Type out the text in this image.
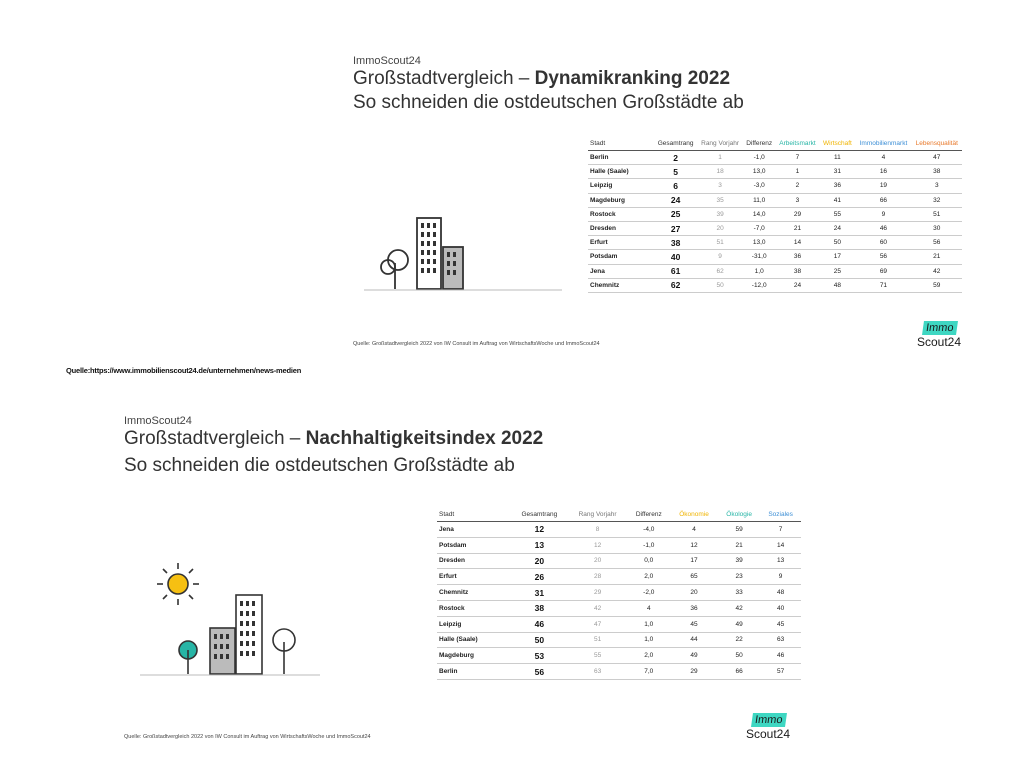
ImmoScout24
Großstadtvergleich – Dynamikranking 2022
So schneiden die ostdeutschen Großstädte ab
Stadt	Gesamtrang	Rang Vorjahr	Differenz	Arbeitsmarkt	Wirtschaft	Immobilienmarkt	Lebensqualität
Berlin	2	1	-1,0	7	11	4	47
Halle (Saale)	5	18	13,0	1	31	16	38
Leipzig	6	3	-3,0	2	36	19	3
Magdeburg	24	35	11,0	3	41	66	32
Rostock	25	39	14,0	29	55	9	51
Dresden	27	20	-7,0	21	24	46	30
Erfurt	38	51	13,0	14	50	60	56
Potsdam	40	9	-31,0	36	17	56	21
Jena	61	62	1,0	38	25	69	42
Chemnitz	62	50	-12,0	24	48	71	59
Quelle: Großstadtvergleich 2022 von IW Consult im Auftrag von WirtschaftsWoche und ImmoScout24
Immo
Scout24
Quelle:https://www.immobilienscout24.de/unternehmen/news-medien
ImmoScout24
Großstadtvergleich – Nachhaltigkeitsindex 2022
So schneiden die ostdeutschen Großstädte ab
Stadt	Gesamtrang	Rang Vorjahr	Differenz	Ökonomie	Ökologie	Soziales
Jena	12	8	-4,0	4	59	7
Potsdam	13	12	-1,0	12	21	14
Dresden	20	20	0,0	17	39	13
Erfurt	26	28	2,0	65	23	9
Chemnitz	31	29	-2,0	20	33	48
Rostock	38	42	4	36	42	40
Leipzig	46	47	1,0	45	49	45
Halle (Saale)	50	51	1,0	44	22	63
Magdeburg	53	55	2,0	49	50	46
Berlin	56	63	7,0	29	66	57
Quelle: Großstadtvergleich 2022 von IW Consult im Auftrag von WirtschaftsWoche und ImmoScout24
Immo
Scout24
